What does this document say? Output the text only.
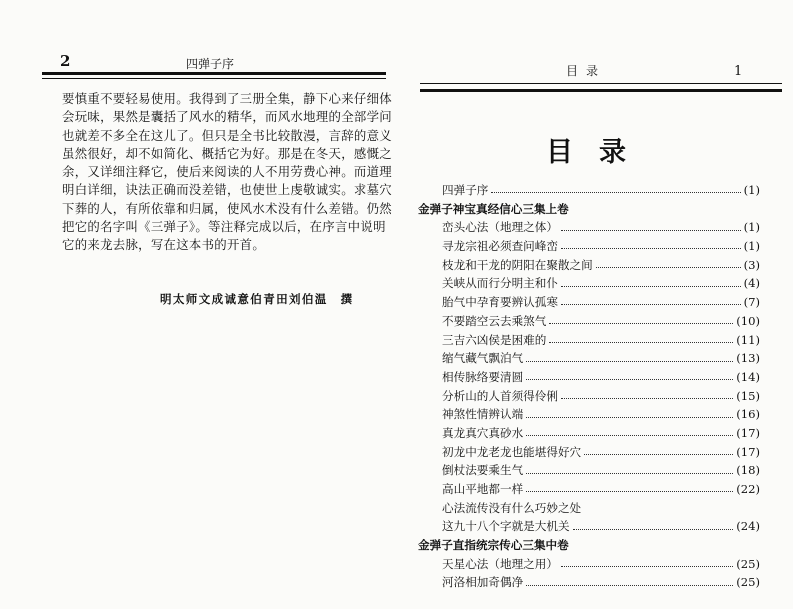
2	四弹子序
要慎重不要轻易使用。我得到了三册全集，静下心来仔细体
会玩味，果然是囊括了风水的精华，而风水地理的全部学问
也就差不多全在这儿了。但只是全书比较散漫，言辞的意义
虽然很好，却不如简化、概括它为好。那是在冬天，感慨之
余，又详细注释它，使后来阅读的人不用劳费心神。而道理
明白详细，诀法正确而没差错，也使世上虔敬诚实。求墓穴
下葬的人，有所依靠和归属，使风水术没有什么差错。仍然
把它的名字叫《三弹子》。等注释完成以后，在序言中说明
它的来龙去脉，写在这本书的开首。
明太师文成诚意伯青田刘伯温　撰
目录	1
目录
四弹子序	(1)
金弹子神宝真经信心三集上卷
峦头心法（地理之体）	(1)
寻龙宗祖必须查问峰峦	(1)
枝龙和干龙的阴阳在聚散之间	(3)
关峡从而行分明主和仆	(4)
胎气中孕育要辨认孤寒	(7)
不要踏空云去乘煞气	(10)
三吉六凶侯是困难的	(11)
缩气藏气飘泊气	(13)
相传脉络要清圆	(14)
分析山的人首须得伶俐	(15)
神煞性情辨认端	(16)
真龙真穴真砂水	(17)
初龙中龙老龙也能堪得好穴	(17)
倒杖法要乘生气	(18)
高山平地都一样	(22)
心法流传没有什么巧妙之处
这九十八个字就是大机关	(24)
金弹子直指统宗传心三集中卷
天星心法（地理之用）	(25)
河洛相加奇偶净	(25)
